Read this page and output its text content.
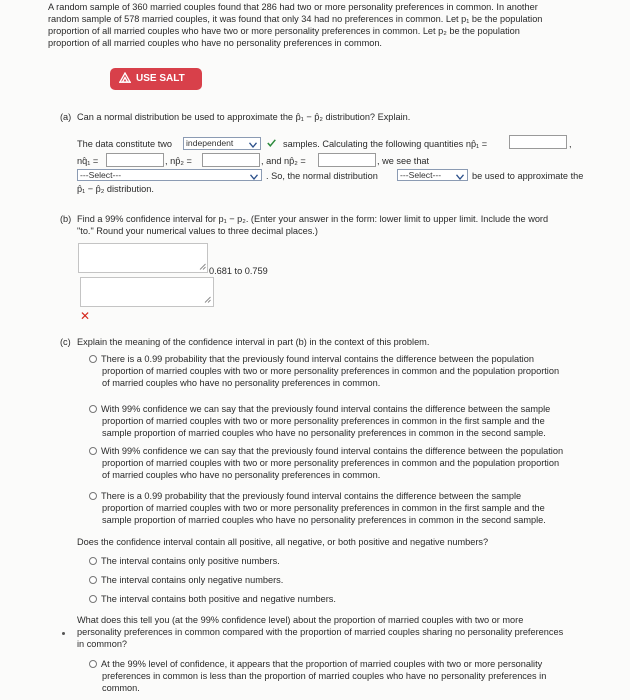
A random sample of 360 married couples found that 286 had two or more personality preferences in common. In another
random sample of 578 married couples, it was found that only 34 had no preferences in common. Let p₁ be the population
proportion of all married couples who have two or more personality preferences in common. Let p₂ be the population
proportion of all married couples who have no personality preferences in common.
USE SALT
(a) Can a normal distribution be used to approximate the p̂₁ − p̂₂ distribution? Explain.
The data constitute two	independent	samples. Calculating the following quantities np̂₁ =	,
nq̂₁ =	, np̂₂ =	, and np̂₂ =	, we see that
---Select---	. So, the normal distribution	---Select---	be used to approximate the
p̂₁ − p̂₂ distribution.
(b) Find a 99% confidence interval for p₁ − p₂. (Enter your answer in the form: lower limit to upper limit. Include the word
"to." Round your numerical values to three decimal places.)
0.681 to 0.759
✕
(c) Explain the meaning of the confidence interval in part (b) in the context of this problem.
There is a 0.99 probability that the previously found interval contains the difference between the population
proportion of married couples with two or more personality preferences in common and the population proportion
of married couples who have no personality preferences in common.
With 99% confidence we can say that the previously found interval contains the difference between the sample
proportion of married couples with two or more personality preferences in common in the first sample and the
sample proportion of married couples who have no personality preferences in common in the second sample.
With 99% confidence we can say that the previously found interval contains the difference between the population
proportion of married couples with two or more personality preferences in common and the population proportion
of married couples who have no personality preferences in common.
There is a 0.99 probability that the previously found interval contains the difference between the sample
proportion of married couples with two or more personality preferences in common in the first sample and the
sample proportion of married couples who have no personality preferences in common in the second sample.
Does the confidence interval contain all positive, all negative, or both positive and negative numbers?
The interval contains only positive numbers.
The interval contains only negative numbers.
The interval contains both positive and negative numbers.
What does this tell you (at the 99% confidence level) about the proportion of married couples with two or more
personality preferences in common compared with the proportion of married couples sharing no personality preferences
in common?
At the 99% level of confidence, it appears that the proportion of married couples with two or more personality
preferences in common is less than the proportion of married couples who have no personality preferences in
common.
